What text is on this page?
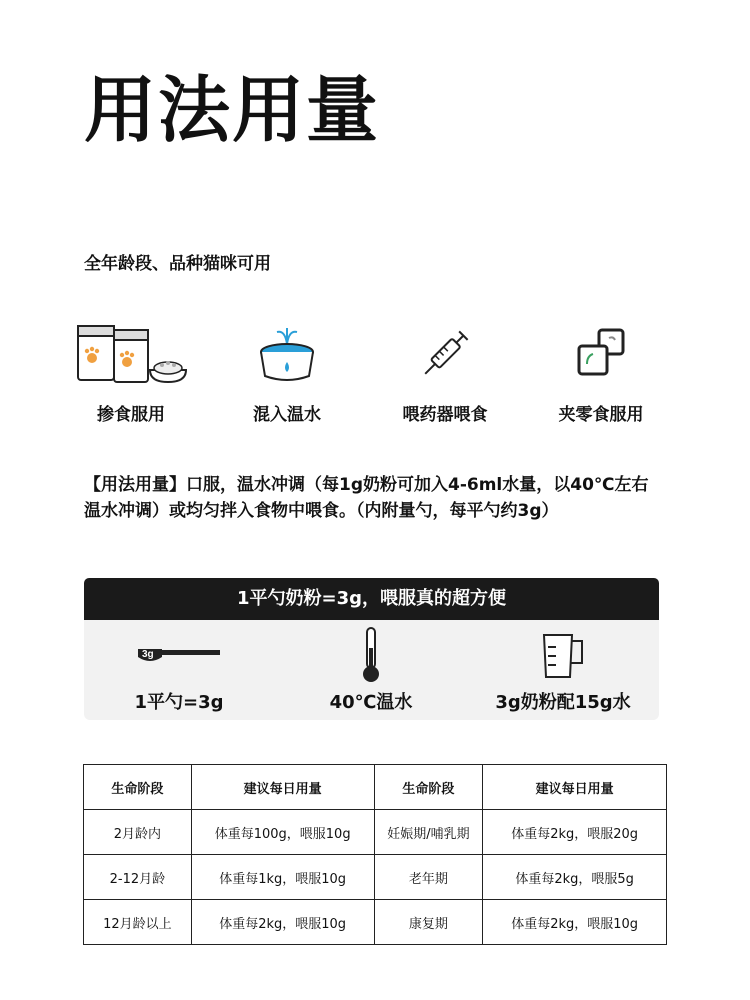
用法用量
全年龄段、品种猫咪可用
掺食服用	混入温水	喂药器喂食	夹零食服用
【用法用量】口服，温水冲调（每1g奶粉可加入4-6ml水量，以40℃左右温水冲调）或均匀拌入食物中喂食。（内附量勺，每平勺约3g）
1平勺奶粉=3g，喂服真的超方便
3g
1平勺=3g	40℃温水	3g奶粉配15g水
生命阶段	建议每日用量	生命阶段	建议每日用量
2月龄内	体重每100g，喂服10g	妊娠期/哺乳期	体重每2kg，喂服20g
2-12月龄	体重每1kg，喂服10g	老年期	体重每2kg，喂服5g
12月龄以上	体重每2kg，喂服10g	康复期	体重每2kg，喂服10g
